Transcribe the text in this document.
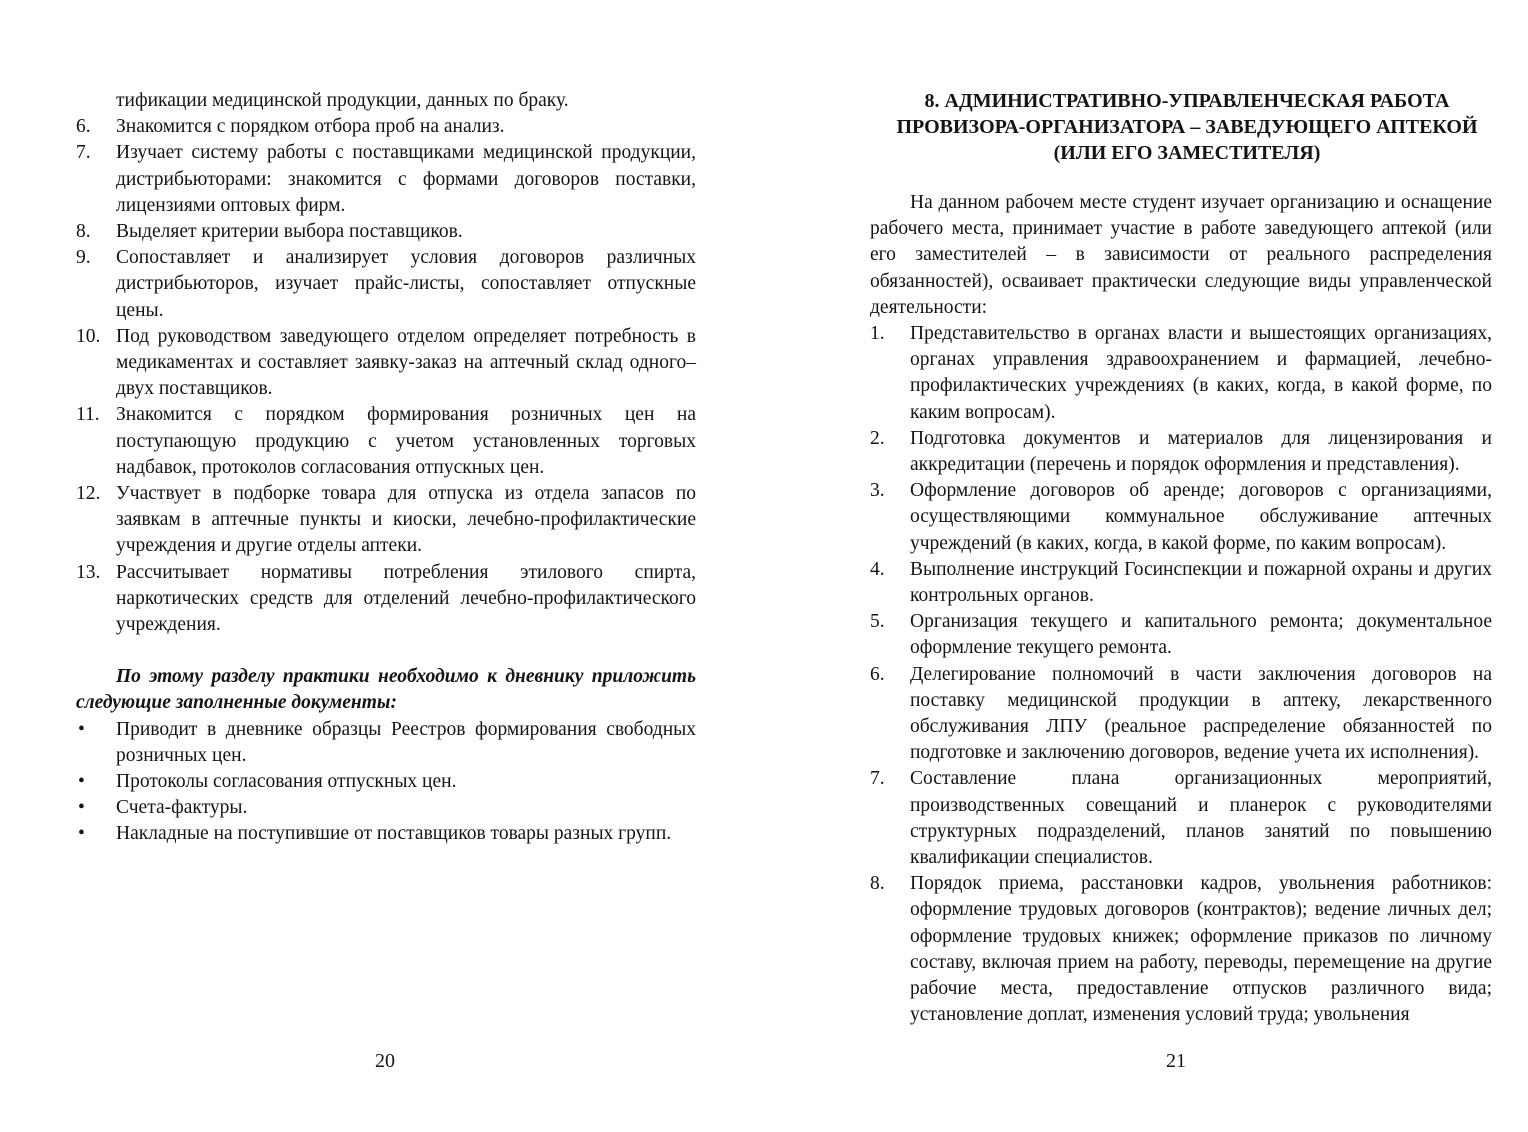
тификации медицинской продукции, данных по браку.
6.	Знакомится с порядком отбора проб на анализ.
7.	Изучает систему работы с поставщиками медицинской продукции, дистрибьюторами: знакомится с формами договоров поставки, лицензиями оптовых фирм.
8.	Выделяет критерии выбора поставщиков.
9.	Сопоставляет и анализирует условия договоров различных дистрибьюторов, изучает прайс-листы, сопоставляет отпускные цены.
10. Под руководством заведующего отделом определяет потребность в медикаментах и составляет заявку-заказ на аптечный склад одного–двух поставщиков.
11. Знакомится с порядком формирования розничных цен на поступающую продукцию с учетом установленных торговых надбавок, протоколов согласования отпускных цен.
12. Участвует в подборке товара для отпуска из отдела запасов по заявкам в аптечные пункты и киоски, лечебно-профилактические учреждения и другие отделы аптеки.
13. Рассчитывает нормативы потребления этилового спирта, наркотических средств для отделений лечебно-профилактического учреждения.
По этому разделу практики необходимо к дневнику приложить следующие заполненные документы:
• Приводит в дневнике образцы Реестров формирования свободных розничных цен.
• Протоколы согласования отпускных цен.
• Счета-фактуры.
• Накладные на поступившие от поставщиков товары разных групп.
20
8. АДМИНИСТРАТИВНО-УПРАВЛЕНЧЕСКАЯ РАБОТА ПРОВИЗОРА-ОРГАНИЗАТОРА – ЗАВЕДУЮЩЕГО АПТЕКОЙ (ИЛИ ЕГО ЗАМЕСТИТЕЛЯ)
На данном рабочем месте студент изучает организацию и оснащение рабочего места, принимает участие в работе заведующего аптекой (или его заместителей – в зависимости от реального распределения обязанностей), осваивает практически следующие виды управленческой деятельности:
1.	Представительство в органах власти и вышестоящих организациях, органах управления здравоохранением и фармацией, лечебно-профилактических учреждениях (в каких, когда, в какой форме, по каким вопросам).
2.	Подготовка документов и материалов для лицензирования и аккредитации (перечень и порядок оформления и представления).
3.	Оформление договоров об аренде; договоров с организациями, осуществляющими коммунальное обслуживание аптечных учреждений (в каких, когда, в какой форме, по каким вопросам).
4.	Выполнение инструкций Госинспекции и пожарной охраны и других контрольных органов.
5.	Организация текущего и капитального ремонта; документальное оформление текущего ремонта.
6.	Делегирование полномочий в части заключения договоров на поставку медицинской продукции в аптеку, лекарственного обслуживания ЛПУ (реальное распределение обязанностей по подготовке и заключению договоров, ведение учета их исполнения).
7.	Составление плана организационных мероприятий, производственных совещаний и планерок с руководителями структурных подразделений, планов занятий по повышению квалификации специалистов.
8.	Порядок приема, расстановки кадров, увольнения работников: оформление трудовых договоров (контрактов); ведение личных дел; оформление трудовых книжек; оформление приказов по личному составу, включая прием на работу, переводы, перемещение на другие рабочие места, предоставление отпусков различного вида; установление доплат, изменения условий труда; увольнения
21
